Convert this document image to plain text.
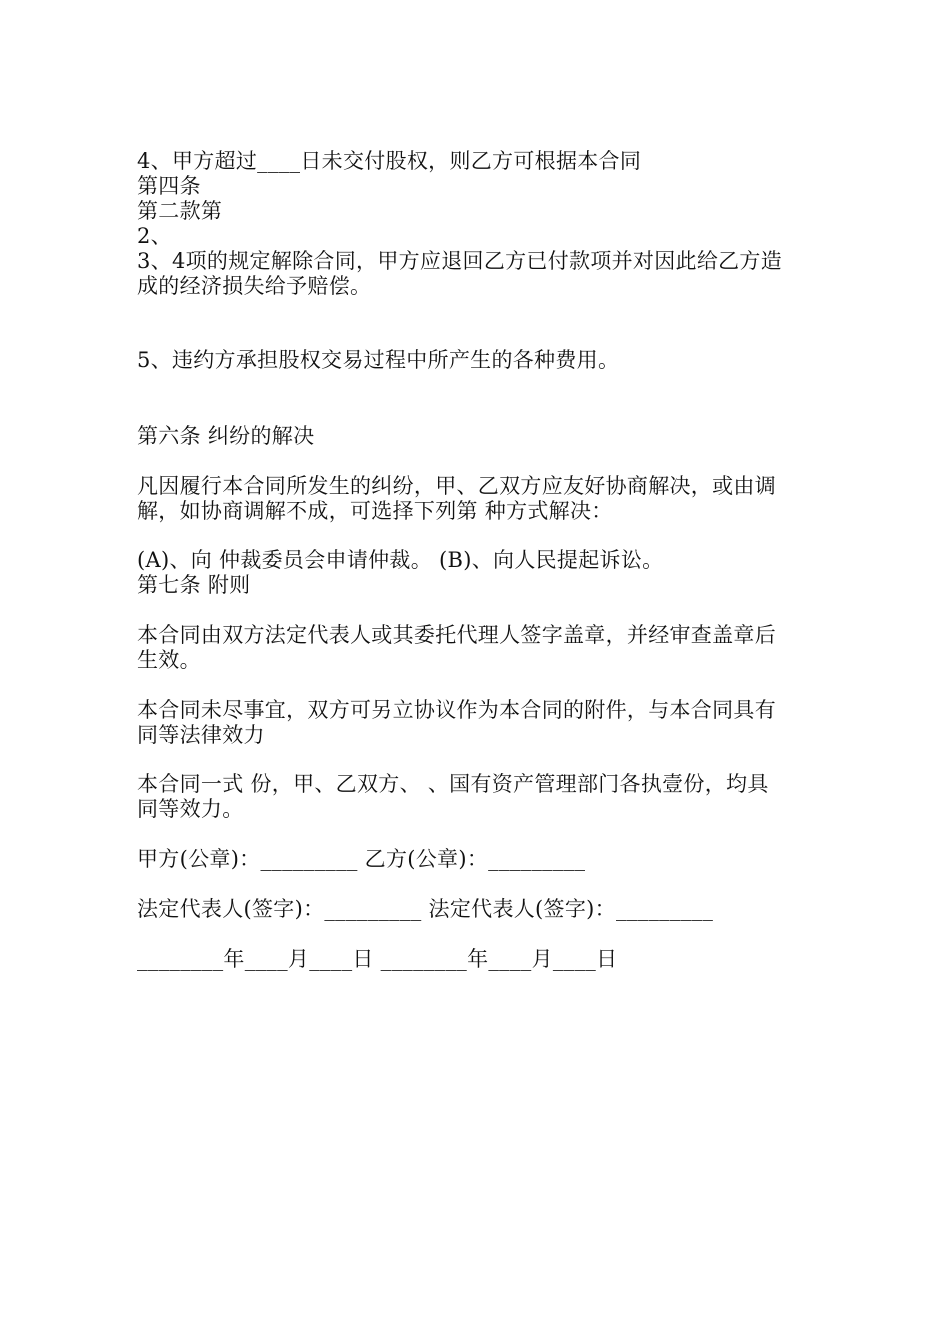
4、甲方超过____日未交付股权，则乙方可根据本合同
第四条
第二款第
2、
3、4项的规定解除合同，甲方应退回乙方已付款项并对因此给乙方造
成的经济损失给予赔偿。
5、违约方承担股权交易过程中所产生的各种费用。
第六条 纠纷的解决
凡因履行本合同所发生的纠纷，甲、乙双方应友好协商解决，或由调
解，如协商调解不成，可选择下列第 种方式解决：
(A)、向 仲裁委员会申请仲裁。 (B)、向人民提起诉讼。
第七条 附则
本合同由双方法定代表人或其委托代理人签字盖章，并经审查盖章后
生效。
本合同未尽事宜，双方可另立协议作为本合同的附件，与本合同具有
同等法律效力
本合同一式 份，甲、乙双方、 、国有资产管理部门各执壹份，均具
同等效力。
甲方(公章)：_________ 乙方(公章)：_________
法定代表人(签字)：_________ 法定代表人(签字)：_________
________年____月____日 ________年____月____日
